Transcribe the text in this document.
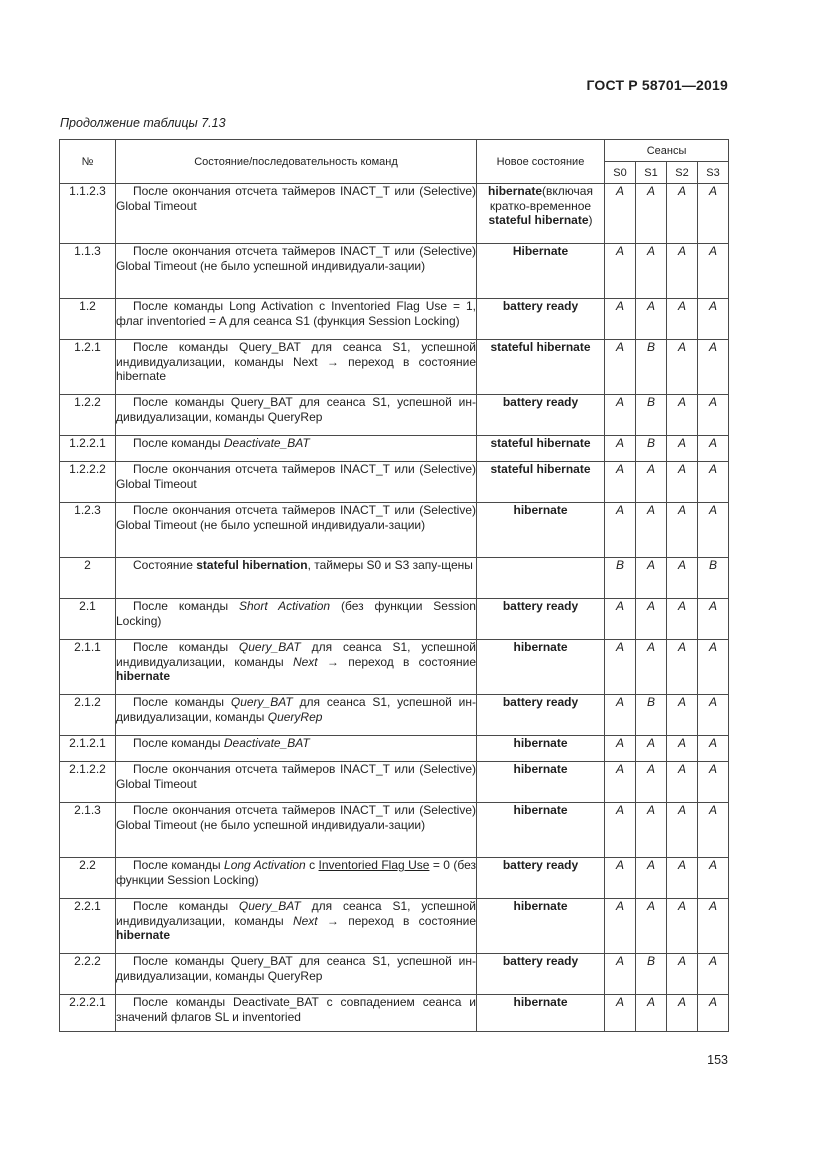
ГОСТ Р 58701—2019
Продолжение таблицы 7.13
№	Состояние/последовательность команд	Новое состояние	Сеансы			
			S0	S1	S2	S3
1.1.2.3	После окончания отсчета таймеров INACT_T или (Selective) Global Timeout	hibernate(включая кратко-временное stateful hibernate)	A	A	A	A
1.1.3	После окончания отсчета таймеров INACT_T или (Selective) Global Timeout (не было успешной индивидуали-зации)	Hibernate	A	A	A	A
1.2	После команды Long Activation с Inventoried Flag Use = 1, флаг inventoried = A для сеанса S1 (функция Session Locking)	battery ready	A	A	A	A
1.2.1	После команды Query_BAT для сеанса S1, успешной индивидуализации, команды Next → переход в состояние hibernate	stateful hibernate	A	B	A	A
1.2.2	После команды Query_BAT для сеанса S1, успешной ин-дивидуализации, команды QueryRep	battery ready	A	B	A	A
1.2.2.1	После команды Deactivate_BAT	stateful hibernate	A	B	A	A
1.2.2.2	После окончания отсчета таймеров INACT_T или (Selective) Global Timeout	stateful hibernate	A	A	A	A
1.2.3	После окончания отсчета таймеров INACT_T или (Selective) Global Timeout (не было успешной индивидуали-зации)	hibernate	A	A	A	A
2	Состояние stateful hibernation, таймеры S0 и S3 запу-щены		B	A	A	B
2.1	После команды Short Activation (без функции Session Locking)	battery ready	A	A	A	A
2.1.1	После команды Query_BAT для сеанса S1, успешной индивидуализации, команды Next → переход в состояние hibernate	hibernate	A	A	A	A
2.1.2	После команды Query_BAT для сеанса S1, успешной ин-дивидуализации, команды QueryRep	battery ready	A	B	A	A
2.1.2.1	После команды Deactivate_BAT	hibernate	A	A	A	A
2.1.2.2	После окончания отсчета таймеров INACT_T или (Selective) Global Timeout	hibernate	A	A	A	A
2.1.3	После окончания отсчета таймеров INACT_T или (Selective) Global Timeout (не было успешной индивидуали-зации)	hibernate	A	A	A	A
2.2	После команды Long Activation с Inventoried Flag Use = 0 (без функции Session Locking)	battery ready	A	A	A	A
2.2.1	После команды Query_BAT для сеанса S1, успешной индивидуализации, команды Next → переход в состояние hibernate	hibernate	A	A	A	A
2.2.2	После команды Query_BAT для сеанса S1, успешной ин-дивидуализации, команды QueryRep	battery ready	A	B	A	A
2.2.2.1	После команды Deactivate_BAT с совпадением сеанса и значений флагов SL и inventoried	hibernate	A	A	A	A
153
